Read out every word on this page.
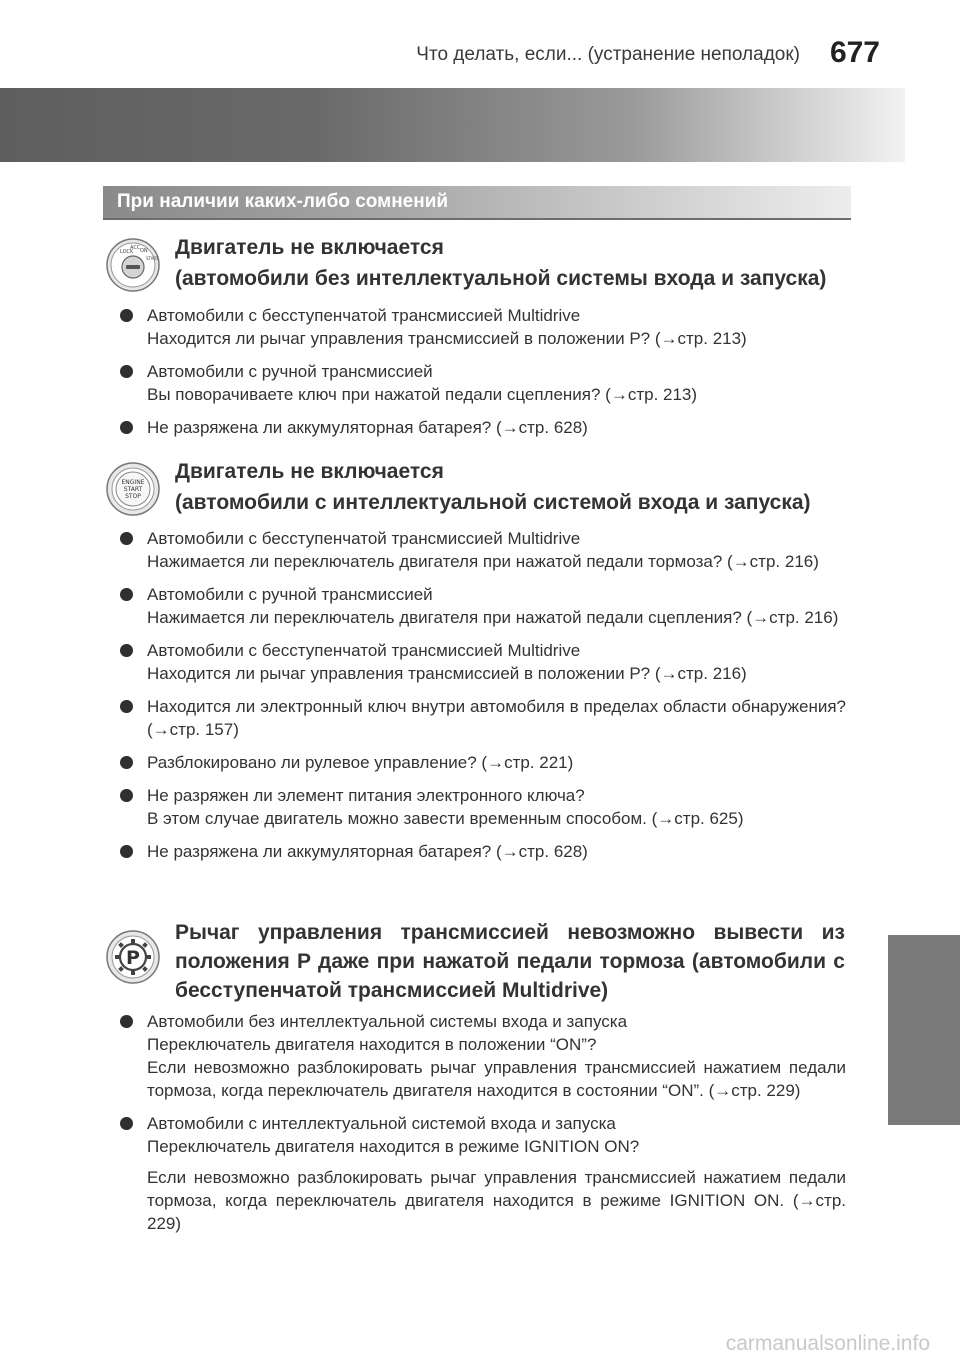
Что делать, если... (устранение неполадок) 677
При наличии каких-либо сомнений
LOCK
ACC ON
START Двигатель не включается
(автомобили без интеллектуальной системы входа и запуска)
Автомобили с бесступенчатой трансмиссией Multidrive
Находится ли рычаг управления трансмиссией в положении P? (→стр. 213)
Автомобили с ручной трансмиссией
Вы поворачиваете ключ при нажатой педали сцепления? (→стр. 213)
Не разряжена ли аккумуляторная батарея? (→стр. 628)
ENGINE
START
STOP
Двигатель не включается
(автомобили с интеллектуальной системой входа и запуска)
Автомобили с бесступенчатой трансмиссией Multidrive
Нажимается ли переключатель двигателя при нажатой педали тормоза? (→стр. 216)
Автомобили с ручной трансмиссией
Нажимается ли переключатель двигателя при нажатой педали сцепления? (→стр. 216)
Автомобили с бесступенчатой трансмиссией Multidrive
Находится ли рычаг управления трансмиссией в положении P? (→стр. 216)
Находится ли электронный ключ внутри автомобиля в пределах области обнаружения? (→стр. 157)
Разблокировано ли рулевое управление? (→стр. 221)
Не разряжен ли элемент питания электронного ключа?
В этом случае двигатель можно завести временным способом. (→стр. 625)
Не разряжена ли аккумуляторная батарея? (→стр. 628)
P
Рычаг управления трансмиссией невозможно вывести из положения P даже при нажатой педали тормоза (автомобили с бесступенчатой трансмиссией Multidrive)
Автомобили без интеллектуальной системы входа и запуска
Переключатель двигателя находится в положении “ON”?
Если невозможно разблокировать рычаг управления трансмиссией нажатием педали тормоза, когда переключатель двигателя находится в состоянии “ON”. (→стр. 229)
Автомобили с интеллектуальной системой входа и запуска
Переключатель двигателя находится в режиме IGNITION ON?
Если невозможно разблокировать рычаг управления трансмиссией нажатием педали тормоза, когда переключатель двигателя находится в режиме IGNITION ON. (→стр. 229)
carmanualsonline.info
